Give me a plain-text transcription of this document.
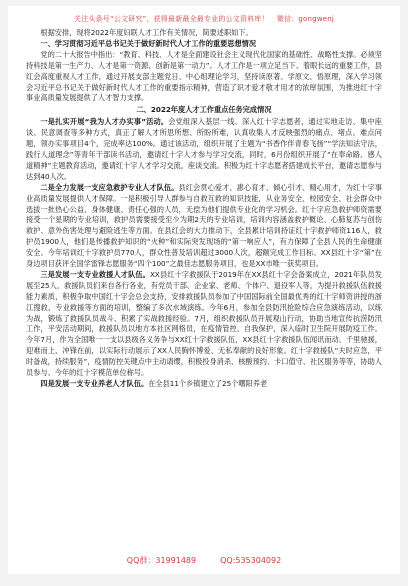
关注头条号“公文研究”，获得最新最全最专业的公文资料库！ 微信：gongwenj

根据安排，现将2022年度妇联人才工作有关情况，简要述职如下。

一、学习贯彻习近平总书记关于做好新时代人才工作的重要思想情况

党的二十大报告中指出：“教育、科技、人才是全面建设社会主义现代化国家的基础性、战略性支撑。必须坚持科技是第一生产力、人才是第一资源、创新是第一动力”。人才工作是一项立足当下、着眼长远的重要工作，县红会高度重视人才工作，通过开展支部主题党日、中心组理论学习，坚持读原著、学原文、悟原理，深入学习领会习近平总书记关于做好新时代人才工作的重要指示精神，营造了识才爱才敬才用才的浓厚氛围，为推进红十字事业高质量发展提供了人才智力支撑。

二、2022年度人才工作重点任务完成情况

一是扎实开展“我为人才办实事”活动。会党组深入基层一线、深入红十字志愿者，通过实地走访、集中座谈、民意调查等多种方式，真正了解人才所思所想、所盼所难，认真收集人才反映强烈的痛点、堵点、难点问题，领办实事项目4个，完成率达100%。通过该活动，组织开展了主题为“书香作伴青春飞扬”“学法知法守法，践行人道理念”等青年干部读书活动，邀请红十字人才参与学习交流，同时，6月份组织开展了“在奉命路、感人道精神”主题教育活动，邀请红十字人才学习交流，座谈交流。积极为红十字志愿者搭建成长平台，邀请志愿参与达到40人次。

二是全力发展一支应急救护专业人才队伍。县红会贯心爱才、惠心育才、倾心引才、精心用才，为红十字事业高质量发展提供人才保障。一是积极引导人群参与自救互救的知识技能，从业务安全、校园安全、社会群众中选拔一批热心公益、身体健康、责任心强的人员，无偿为他们提供专业化的学习机会。红十字应急救护师资需要接受一个星期的专业培训，救护员需要接受至少为期2天的专业培训，培训内容涵盖救护概论、心肺复苏与创伤救护、意外伤害处理与避险逃生等方面。在县红会的大力推动下，全县累计培训持证红十字救护师资116人，救护员1900人，他们是传播救护知识的“火种”和实际突发现场的“第一响应人”，有力保障了全县人民的生命健康安全。今年培训红十字救护员770人，群众性普及培训超过3000人次，超额完成工作目标。XX县红十字“第”在身边项目获评全国学雷锋志愿服务“四个100”之最佳志愿服务项目，也是XX市唯一获奖项目。

三是发展一支专业救援人才队伍。XX县红十字救援队于2019年在XX县红十字会备案成立，2021年队员发展至25人，救援队员们来自各行各业，有党员干部、企业家、老师、个体户、退役军人等。为提升救援队伍救援能力素质，积极争取中国红十字会总会支持，安排救援队员参加了中国国际前全国最优秀的红十字师资讲授的浙江搜救、专业救援等方面的培训，整编了多次水域演练。今年6月，参加全县防汛抢险综合应急演练活动，以练为战，锻炼了救援队员战斗、积累了实战救援经验。7月，组织救援队员开展观山行动，协助当地宣传抗涝防汛工作，平安活动期间，救援队员以地方本社区网格员，在疫情管控、自我保护，深入临时卫生院开展防疫工作。今年7月，作为全国唯一一支以县级各义务争与XX红十字救援队伍，XX县红十字救援队伍闻讯而动、千里驰援，迎难而上、冲锋在前，以实际行动展示了XX人民胸怀博爱、无私奉献的良好形象。红十字救援队“夫时应急，平时备战，持续服务”，疫情防控关键点中主动请缨，积极投身消杀、核酸预约、卡口值守、社区服务等等，协助人员参与、今年的红十字模范单位称号。

四是发展一支专业养老人才队伍。在全县11个乡镇建立了25个曙阳养老

QQ群：31991489	QQ:535304092
